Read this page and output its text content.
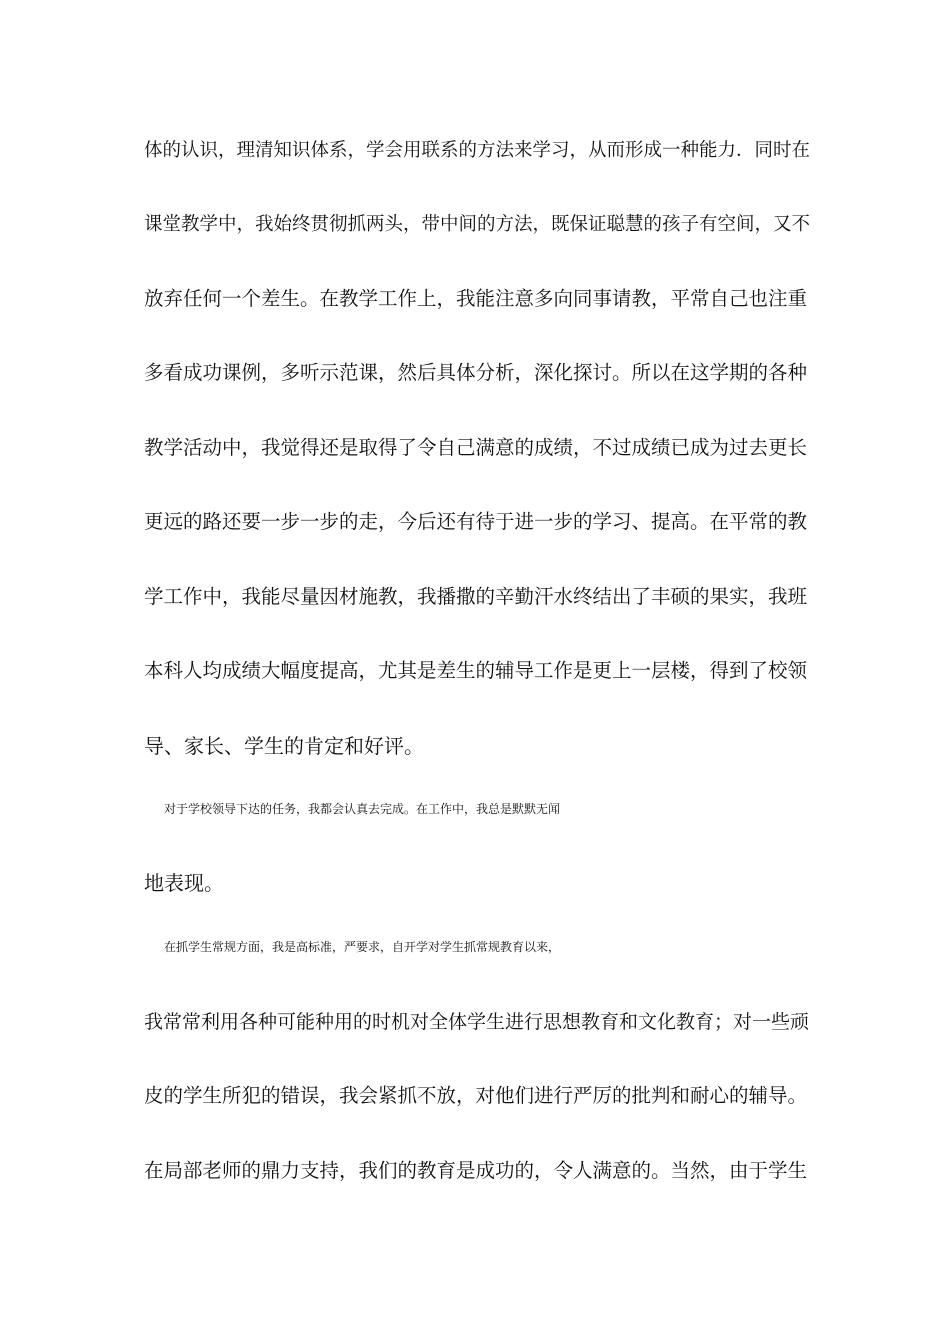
体的认识，理清知识体系，学会用联系的方法来学习，从而形成一种能力．同时在
课堂教学中，我始终贯彻抓两头，带中间的方法，既保证聪慧的孩子有空间，又不
放弃任何一个差生。在教学工作上，我能注意多向同事请教，平常自己也注重
多看成功课例，多听示范课，然后具体分析，深化探讨。所以在这学期的各种
教学活动中，我觉得还是取得了令自己满意的成绩，不过成绩已成为过去更长
更远的路还要一步一步的走，今后还有待于进一步的学习、提高。在平常的教
学工作中，我能尽量因材施教，我播撒的辛勤汗水终结出了丰硕的果实，我班
本科人均成绩大幅度提高，尤其是差生的辅导工作是更上一层楼，得到了校领
导、家长、学生的肯定和好评。
对于学校领导下达的任务，我都会认真去完成。在工作中，我总是默默无闻
地表现。
在抓学生常规方面，我是高标准，严要求，自开学对学生抓常规教育以来，
我常常利用各种可能种用的时机对全体学生进行思想教育和文化教育；对一些顽
皮的学生所犯的错误，我会紧抓不放，对他们进行严厉的批判和耐心的辅导。
在局部老师的鼎力支持，我们的教育是成功的，令人满意的。当然，由于学生
